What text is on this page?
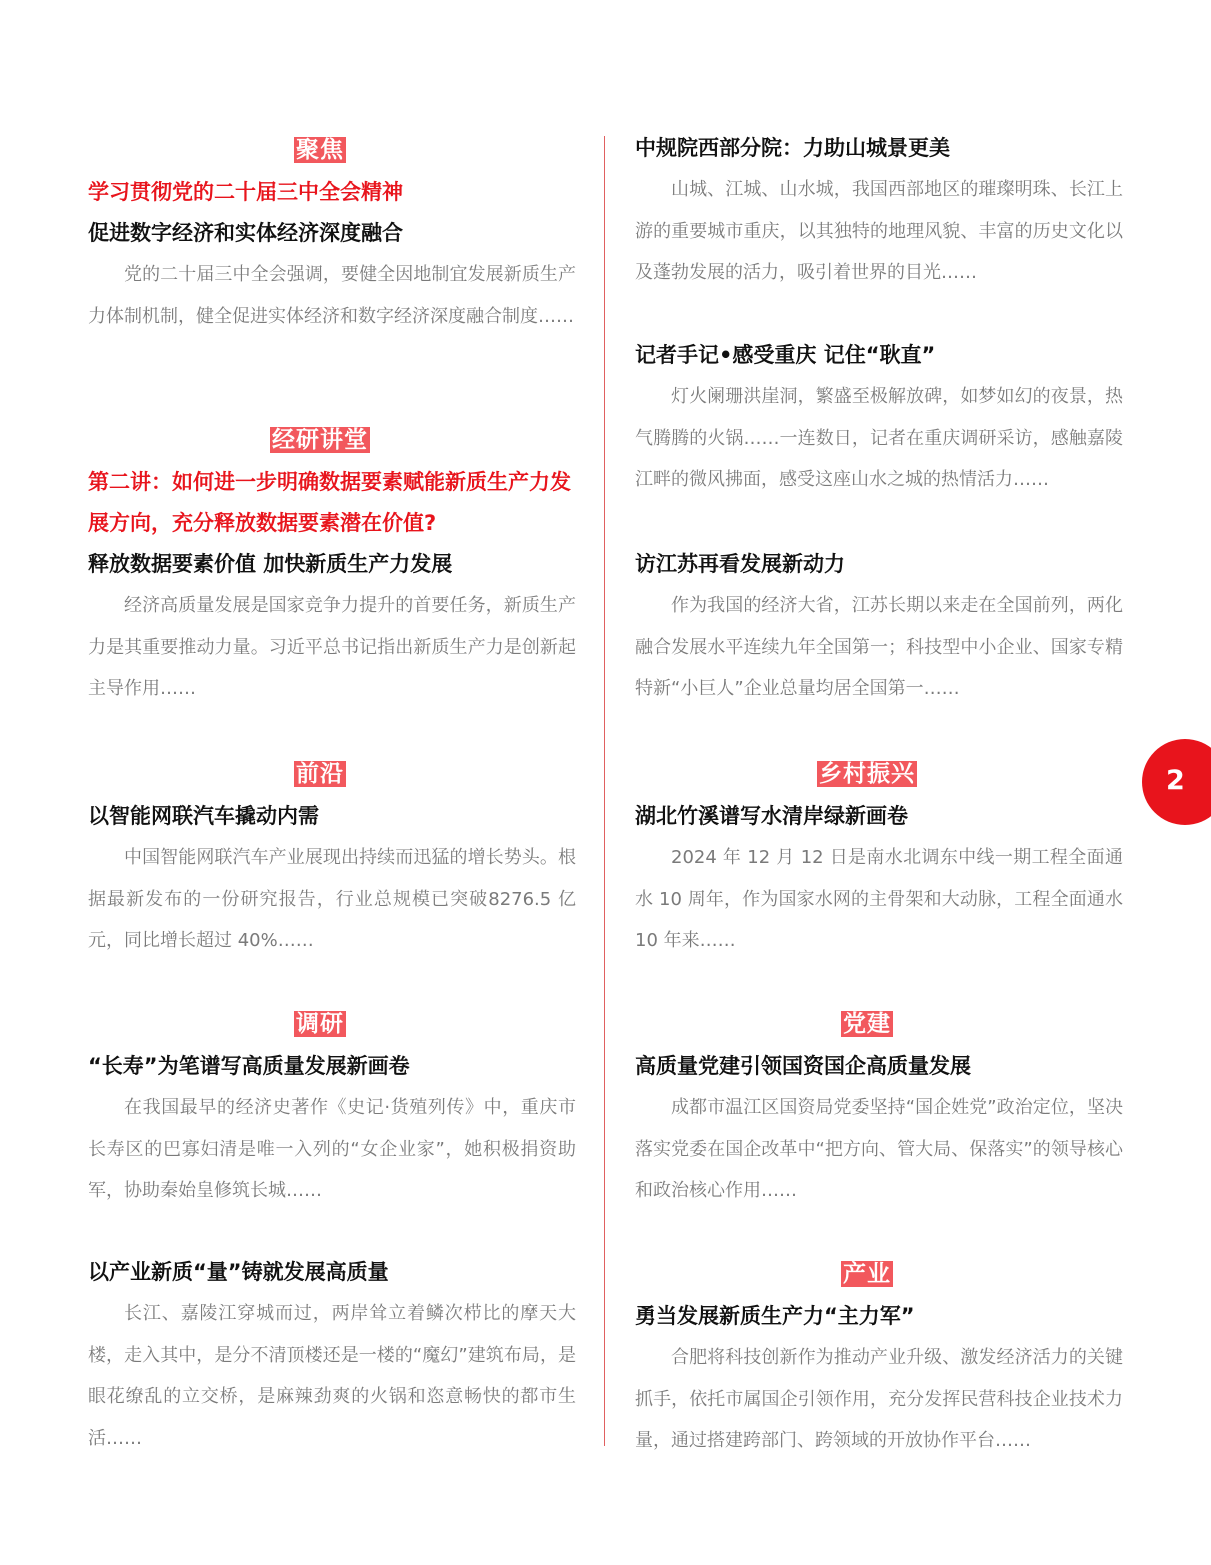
聚焦
学习贯彻党的二十届三中全会精神
促进数字经济和实体经济深度融合

党的二十届三中全会强调，要健全因地制宜发展新质生产力体制机制，健全促进实体经济和数字经济深度融合制度……

经研讲堂
第二讲：如何进一步明确数据要素赋能新质生产力发展方向，充分释放数据要素潜在价值?
释放数据要素价值 加快新质生产力发展

经济高质量发展是国家竞争力提升的首要任务，新质生产力是其重要推动力量。习近平总书记指出新质生产力是创新起主导作用……

前沿
以智能网联汽车撬动内需

中国智能网联汽车产业展现出持续而迅猛的增长势头。根据最新发布的一份研究报告，行业总规模已突破8276.5 亿元，同比增长超过 40%……

调研
“长寿”为笔谱写高质量发展新画卷

在我国最早的经济史著作《史记·货殖列传》中，重庆市长寿区的巴寡妇清是唯一入列的“女企业家”，她积极捐资助军，协助秦始皇修筑长城……

以产业新质“量”铸就发展高质量

长江、嘉陵江穿城而过，两岸耸立着鳞次栉比的摩天大楼，走入其中，是分不清顶楼还是一楼的“魔幻”建筑布局，是眼花缭乱的立交桥，是麻辣劲爽的火锅和恣意畅快的都市生活……

中规院西部分院：力助山城景更美

山城、江城、山水城，我国西部地区的璀璨明珠、长江上游的重要城市重庆，以其独特的地理风貌、丰富的历史文化以及蓬勃发展的活力，吸引着世界的目光……

记者手记•感受重庆 记住“耿直”

灯火阑珊洪崖洞，繁盛至极解放碑，如梦如幻的夜景，热气腾腾的火锅……一连数日，记者在重庆调研采访，感触嘉陵江畔的微风拂面，感受这座山水之城的热情活力……

访江苏再看发展新动力

作为我国的经济大省，江苏长期以来走在全国前列，两化融合发展水平连续九年全国第一；科技型中小企业、国家专精特新“小巨人”企业总量均居全国第一……

乡村振兴
湖北竹溪谱写水清岸绿新画卷

2024 年 12 月 12 日是南水北调东中线一期工程全面通水 10 周年，作为国家水网的主骨架和大动脉，工程全面通水 10 年来……

党建
高质量党建引领国资国企高质量发展

成都市温江区国资局党委坚持“国企姓党”政治定位，坚决落实党委在国企改革中“把方向、管大局、保落实”的领导核心和政治核心作用……

产业
勇当发展新质生产力“主力军”

合肥将科技创新作为推动产业升级、激发经济活力的关键抓手，依托市属国企引领作用，充分发挥民营科技企业技术力量，通过搭建跨部门、跨领域的开放协作平台……

2
